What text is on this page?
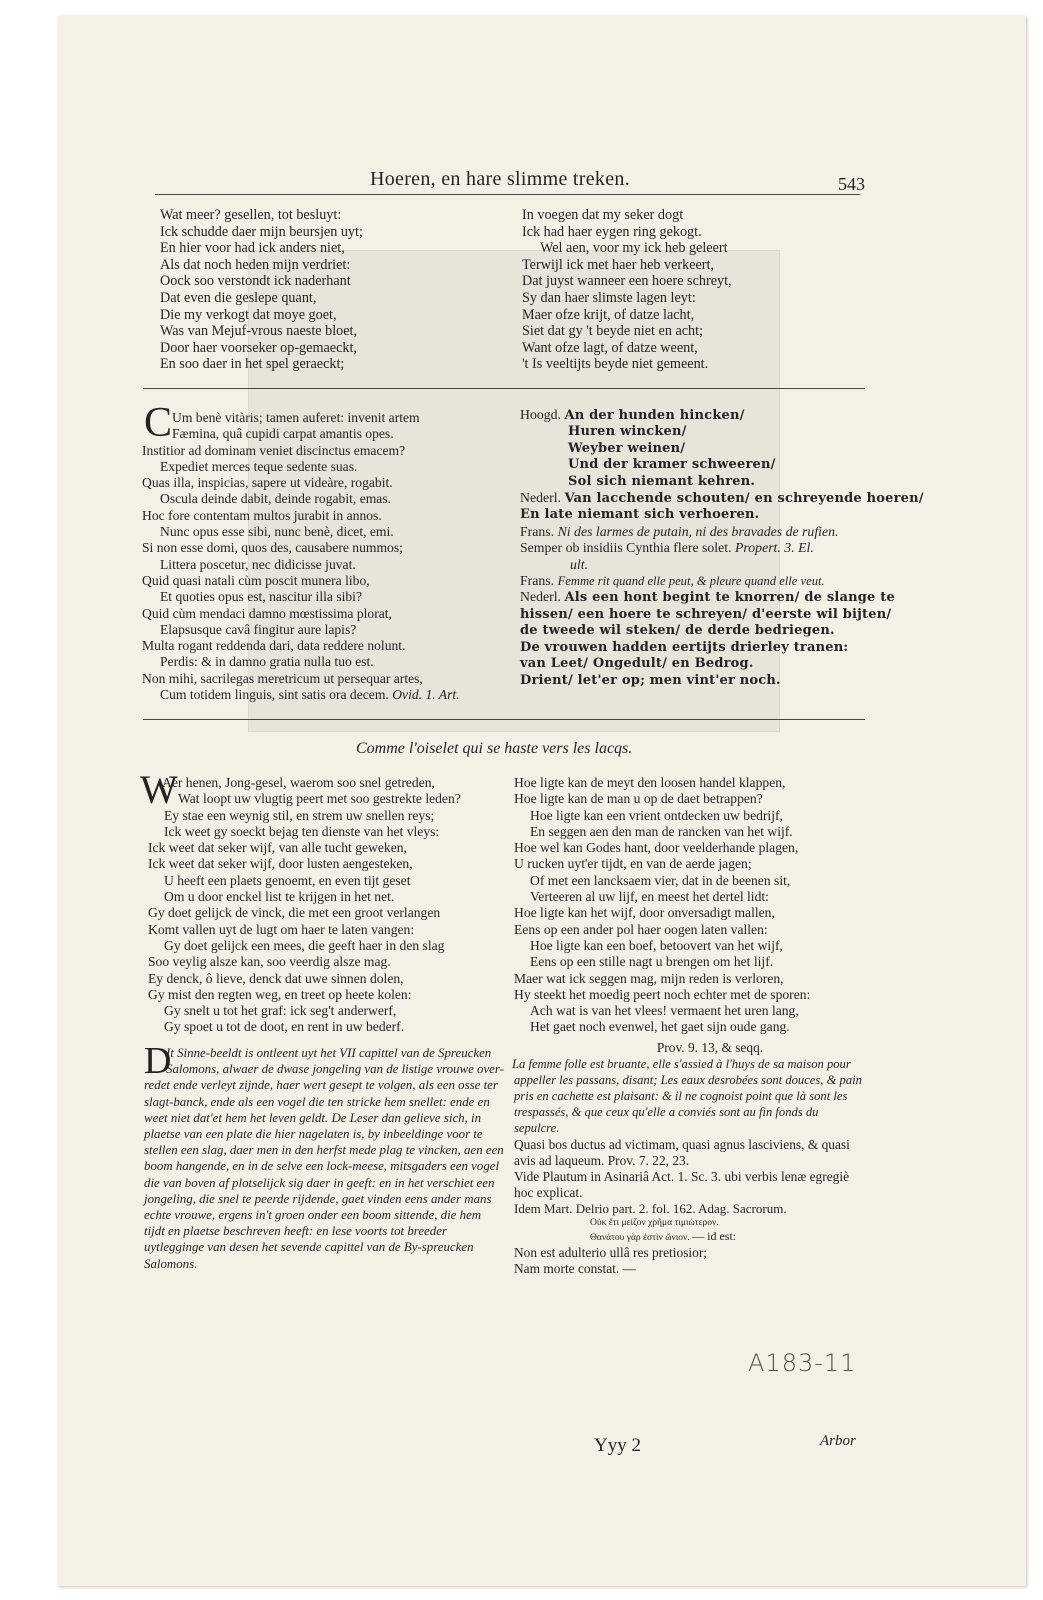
Hoeren, en hare slimme treken.	543
Wat meer? gesellen, tot besluyt:
Ick schudde daer mijn beursjen uyt;
En hier voor had ick anders niet,
Als dat noch heden mijn verdriet:
Oock soo verstondt ick naderhant
Dat even die geslepe quant,
Die my verkogt dat moye goet,
Was van Mejuf-vrous naeste bloet,
Door haer voorseker op-gemaeckt,
En soo daer in het spel geraeckt;
In voegen dat my seker dogt
Ick had haer eygen ring gekogt.
Wel aen, voor my ick heb geleert
Terwijl ick met haer heb verkeert,
Dat juyst wanneer een hoere schreyt,
Sy dan haer slimste lagen leyt:
Maer ofze krijt, of datze lacht,
Siet dat gy 't beyde niet en acht;
Want ofze lagt, of datze weent,
't Is veeltijts beyde niet gemeent.
C Um benè vitàris; tamen auferet: invenit artem
Fæmina, quâ cupidi carpat amantis opes.
Institior ad dominam veniet discinctus emacem?
Expediet merces teque sedente suas.
Quas illa, inspicias, sapere ut videàre, rogabit.
Oscula deinde dabit, deinde rogabit, emas.
Hoc fore contentam multos jurabit in annos.
Nunc opus esse sibi, nunc benè, dicet, emi.
Si non esse domi, quos des, causabere nummos;
Littera poscetur, nec didicisse juvat.
Quid quasi natali cùm poscit munera libo,
Et quoties opus est, nascitur illa sibi?
Quid cùm mendaci damno mœstissima plorat,
Elapsusque cavâ fingitur aure lapis?
Multa rogant reddenda dari, data reddere nolunt.
Perdis: & in damno gratia nulla tuo est.
Non mihi, sacrilegas meretricum ut persequar artes,
Cum totidem linguis, sint satis ora decem. Ovid. 1. Art.
Hoogd. An der hunden hincken/
Huren wincken/
Weyber weinen/
Und der kramer schweeren/
Sol sich niemant kehren.
Nederl. Van lacchende schouten/ en schreyende hoeren/
En late niemant sich verhoeren.
Frans. Ni des larmes de putain, ni des bravades de rufien.
Semper ob insidiis Cynthia flere solet. Propert. 3. El.
ult.
Frans. Femme rit quand elle peut, & pleure quand elle veut.
Nederl. Als een hont begint te knorren/ de slange te
hissen/ een hoere te schreyen/ d'eerste wil bijten/
de tweede wil steken/ de derde bedriegen.
De vrouwen hadden eertijts drierley tranen:
van Leet/ Ongedult/ en Bedrog.
Drient/ let'er op; men vint'er noch.
Comme l'oiselet qui se haste vers les lacqs.
W
Aer henen, Jong-gesel, waerom soo snel getreden,
Wat loopt uw vlugtig peert met soo gestrekte leden?
Ey stae een weynig stil, en strem uw snellen reys;
Ick weet gy soeckt bejag ten dienste van het vleys:
Ick weet dat seker wijf, van alle tucht geweken,
Ick weet dat seker wijf, door lusten aengesteken,
U heeft een plaets genoemt, en even tijt geset
Om u door enckel list te krijgen in het net.
Gy doet gelijck de vinck, die met een groot verlangen
Komt vallen uyt de lugt om haer te laten vangen:
Gy doet gelijck een mees, die geeft haer in den slag
Soo veylig alsze kan, soo veerdig alsze mag.
Ey denck, ô lieve, denck dat uwe sinnen dolen,
Gy mist den regten weg, en treet op heete kolen:
Gy snelt u tot het graf: ick seg't anderwerf,
Gy spoet u tot de doot, en rent in uw bederf.
Hoe ligte kan de meyt den loosen handel klappen,
Hoe ligte kan de man u op de daet betrappen?
Hoe ligte kan een vrient ontdecken uw bedrijf,
En seggen aen den man de rancken van het wijf.
Hoe wel kan Godes hant, door veelderhande plagen,
U rucken uyt'er tijdt, en van de aerde jagen;
Of met een lancksaem vier, dat in de beenen sit,
Verteeren al uw lijf, en meest het dertel lidt:
Hoe ligte kan het wijf, door onversadigt mallen,
Eens op een ander pol haer oogen laten vallen:
Hoe ligte kan een boef, betoovert van het wijf,
Eens op een stille nagt u brengen om het lijf.
Maer wat ick seggen mag, mijn reden is verloren,
Hy steekt het moedig peert noch echter met de sporen:
Ach wat is van het vlees! vermaent het uren lang,
Het gaet noch evenwel, het gaet sijn oude gang.
D
It Sinne-beeldt is ontleent uyt het VII capittel van de Spreucken Salomons, alwaer de dwase jongeling van de listige vrouwe over-redet ende verleyt zijnde, haer wert gesept te volgen, als een osse ter slagt-banck, ende als een vogel die ten stricke hem snellet: ende en weet niet dat'et hem het leven geldt. De Leser dan gelieve sich, in plaetse van een plate die hier nagelaten is, by inbeeldinge voor te stellen een slag, daer men in den herfst mede plag te vincken, aen een boom hangende, en in de selve een lock-meese, mitsgaders een vogel die van boven af plotselijck sig daer in geeft: en in het verschiet een jongeling, die snel te peerde rijdende, gaet vinden eens ander mans echte vrouwe, ergens in't groen onder een boom sittende, die hem tijdt en plaetse beschreven heeft: en lese voorts tot breeder uytlegginge van desen het sevende capittel van de By-spreucken Salomons.
Prov. 9. 13, & seqq.
La femme folle est bruante, elle s'assied à l'huys de sa maison pour appeller les passans, disant; Les eaux desrobées sont douces, & pain pris en cachette est plaisant: & il ne cognoist point que là sont les trespassés, & que ceux qu'elle a conviés sont au fin fonds du sepulcre.
Quasi bos ductus ad victimam, quasi agnus lasciviens, & quasi avis ad laqueum. Prov. 7. 22, 23.
Vide Plautum in Asinariâ Act. 1. Sc. 3. ubi verbis lenæ egregiè hoc explicat.
Idem Mart. Delrio part. 2. fol. 162. Adag. Sacrorum.
Οὐκ ἔτι μείζον χρῆμα τιμιώτερον.
Θανάτου γὰρ ἐστὶν ὤνιον. — id est:
Non est adulterio ullâ res pretiosior;
Nam morte constat. —
A183-11
Yyy 2	Arbor
